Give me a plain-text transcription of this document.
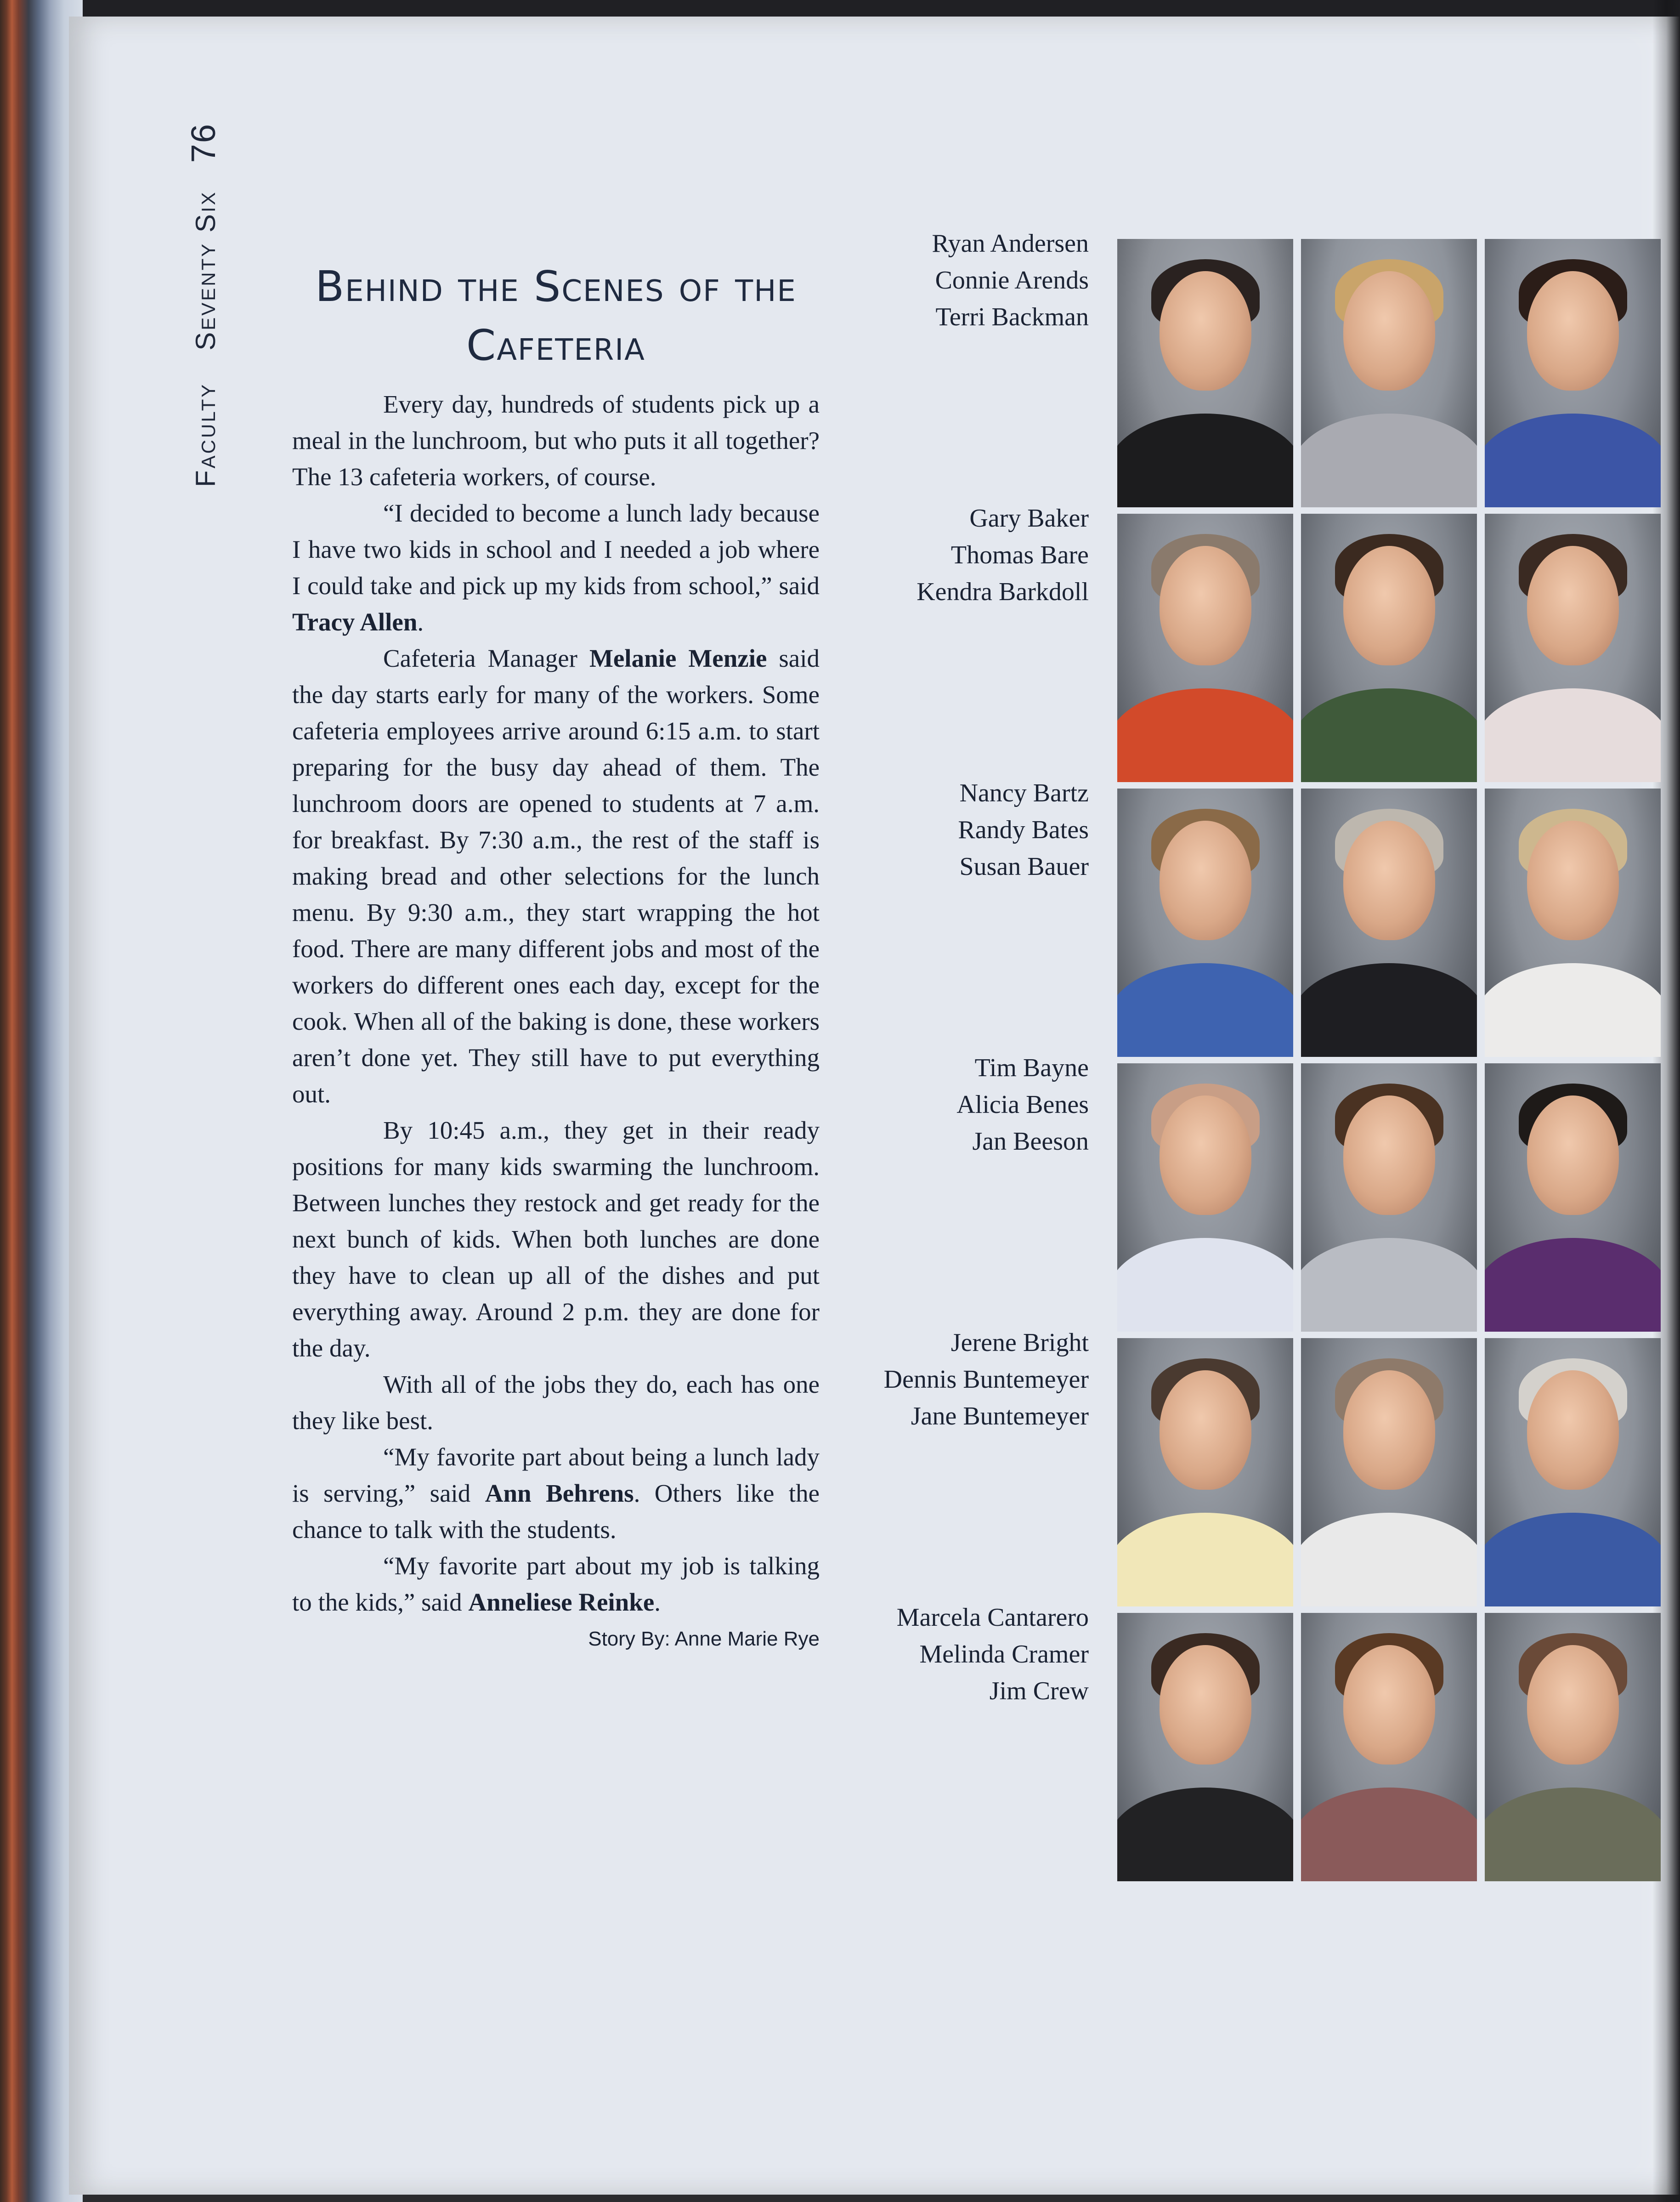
FacultySeventy Six76
Behind the Scenes of the Cafeteria

Every day, hundreds of students pick up a meal in the lunchroom, but who puts it all together? The 13 cafeteria workers, of course.

“I decided to become a lunch lady because I have two kids in school and I needed a job where I could take and pick up my kids from school,” said Tracy Allen.

Cafeteria Manager Melanie Menzie said the day starts early for many of the workers. Some cafeteria employees arrive around 6:15 a.m. to start preparing for the busy day ahead of them. The lunchroom doors are opened to students at 7 a.m. for breakfast. By 7:30 a.m., the rest of the staff is making bread and other selections for the lunch menu. By 9:30 a.m., they start wrapping the hot food. There are many different jobs and most of the workers do different ones each day, except for the cook. When all of the baking is done, these workers aren’t done yet. They still have to put everything out.

By 10:45 a.m., they get in their ready positions for many kids swarming the lunchroom. Between lunches they restock and get ready for the next bunch of kids. When both lunches are done they have to clean up all of the dishes and put everything away. Around 2 p.m. they are done for the day.

With all of the jobs they do, each has one they like best.

“My favorite part about being a lunch lady is serving,” said Ann Behrens. Others like the chance to talk with the students.

“My favorite part about my job is talking to the kids,” said Anneliese Reinke.

Story By: Anne Marie Rye
Ryan Andersen
Connie Arends
Terri Backman
Gary Baker
Thomas Bare
Kendra Barkdoll
Nancy Bartz
Randy Bates
Susan Bauer
Tim Bayne
Alicia Benes
Jan Beeson
Jerene Bright
Dennis Buntemeyer
Jane Buntemeyer
Marcela Cantarero
Melinda Cramer
Jim Crew
